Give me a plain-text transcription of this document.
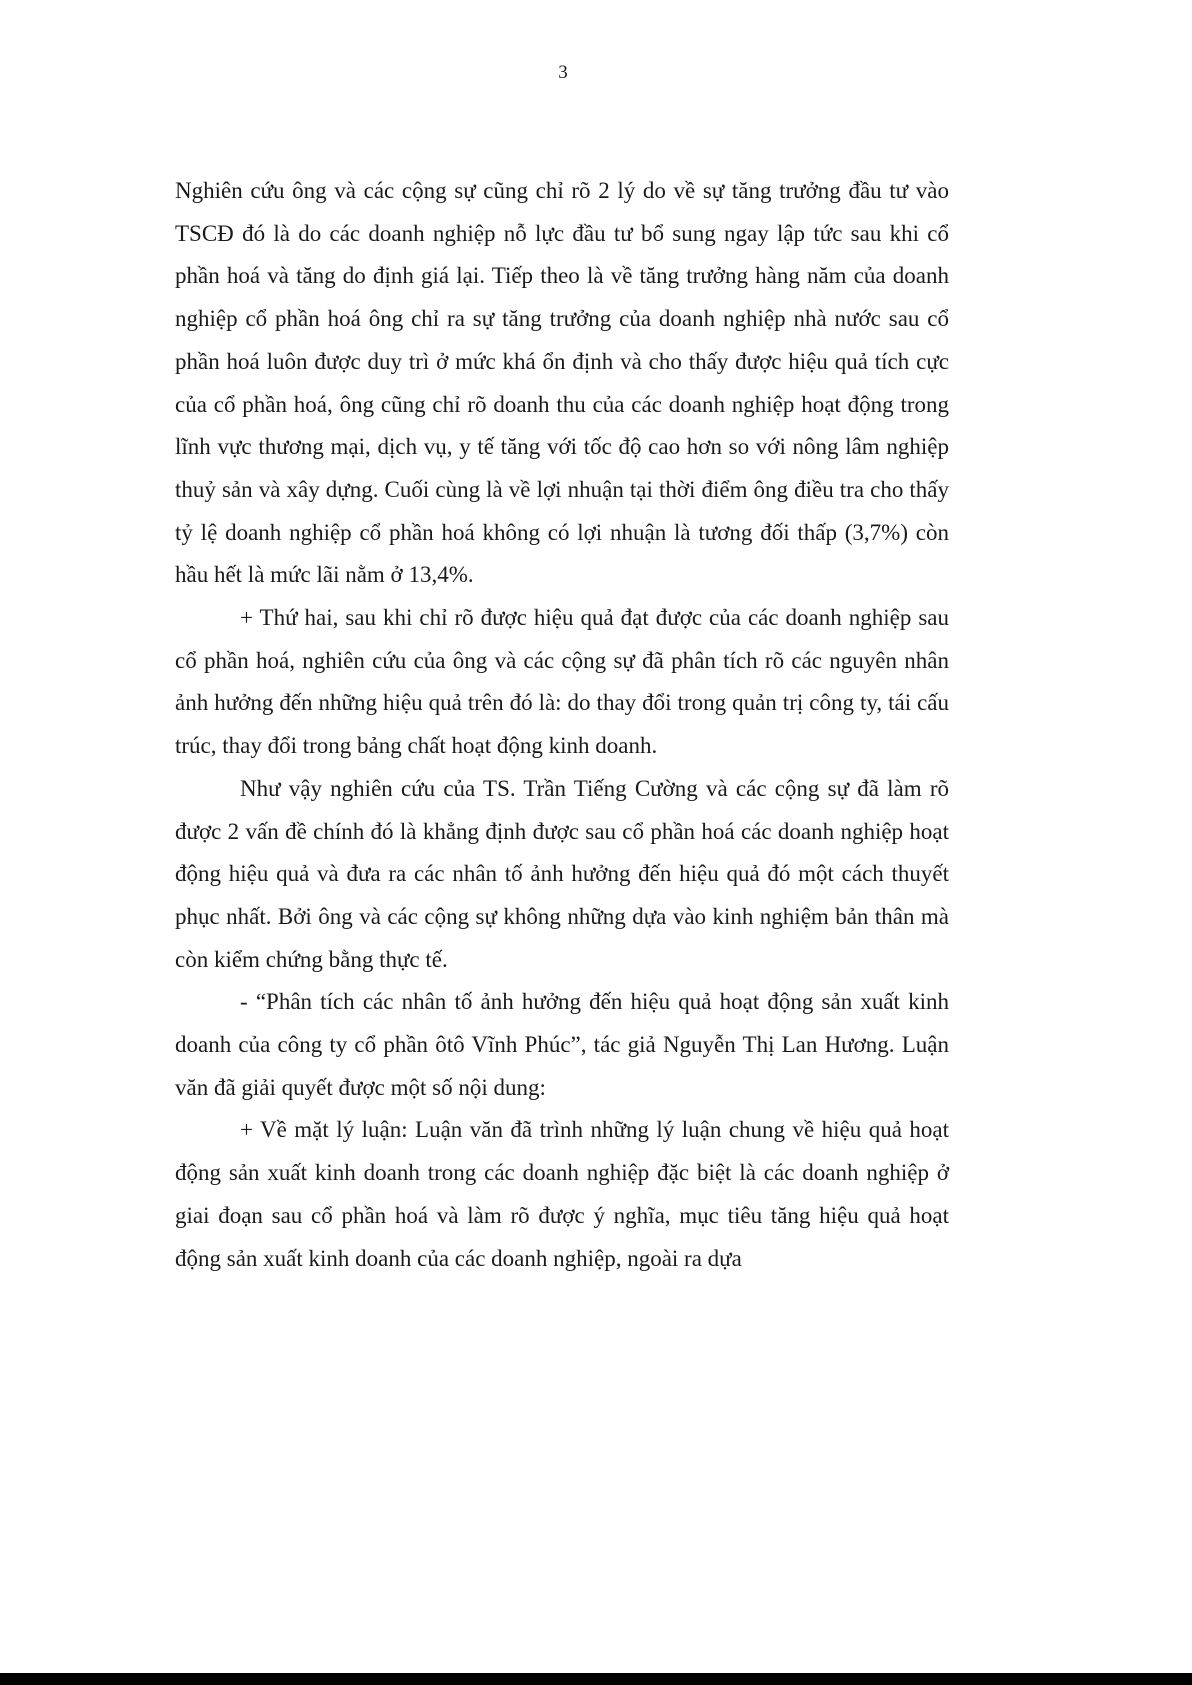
3

Nghiên cứu ông và các cộng sự cũng chỉ rõ 2 lý do về sự tăng trưởng đầu tư vào TSCĐ đó là do các doanh nghiệp nỗ lực đầu tư bổ sung ngay lập tức sau khi cổ phần hoá và tăng do định giá lại. Tiếp theo là về tăng trưởng hàng năm của doanh nghiệp cổ phần hoá ông chỉ ra sự tăng trưởng của doanh nghiệp nhà nước sau cổ phần hoá luôn được duy trì ở mức khá ổn định và cho thấy được hiệu quả tích cực của cổ phần hoá, ông cũng chỉ rõ doanh thu của các doanh nghiệp hoạt động trong lĩnh vực thương mại, dịch vụ, y tế tăng với tốc độ cao hơn so với nông lâm nghiệp thuỷ sản và xây dựng. Cuối cùng là về lợi nhuận tại thời điểm ông điều tra cho thấy tỷ lệ doanh nghiệp cổ phần hoá không có lợi nhuận là tương đối thấp (3,7%) còn hầu hết là mức lãi nằm ở 13,4%.

+ Thứ hai, sau khi chỉ rõ được hiệu quả đạt được của các doanh nghiệp sau cổ phần hoá, nghiên cứu của ông và các cộng sự đã phân tích rõ các nguyên nhân ảnh hưởng đến những hiệu quả trên đó là: do thay đổi trong quản trị công ty, tái cấu trúc, thay đổi trong bảng chất hoạt động kinh doanh.

Như vậy nghiên cứu của TS. Trần Tiếng Cường và các cộng sự đã làm rõ được 2 vấn đề chính đó là khẳng định được sau cổ phần hoá các doanh nghiệp hoạt động hiệu quả và đưa ra các nhân tố ảnh hưởng đến hiệu quả đó một cách thuyết phục nhất. Bởi ông và các cộng sự không những dựa vào kinh nghiệm bản thân mà còn kiểm chứng bằng thực tế.

- “Phân tích các nhân tố ảnh hưởng đến hiệu quả hoạt động sản xuất kinh doanh của công ty cổ phần ôtô Vĩnh Phúc”, tác giả Nguyễn Thị Lan Hương. Luận văn đã giải quyết được một số nội dung:

+ Về mặt lý luận: Luận văn đã trình những lý luận chung về hiệu quả hoạt động sản xuất kinh doanh trong các doanh nghiệp đặc biệt là các doanh nghiệp ở giai đoạn sau cổ phần hoá và làm rõ được ý nghĩa, mục tiêu tăng hiệu quả hoạt động sản xuất kinh doanh của các doanh nghiệp, ngoài ra dựa
